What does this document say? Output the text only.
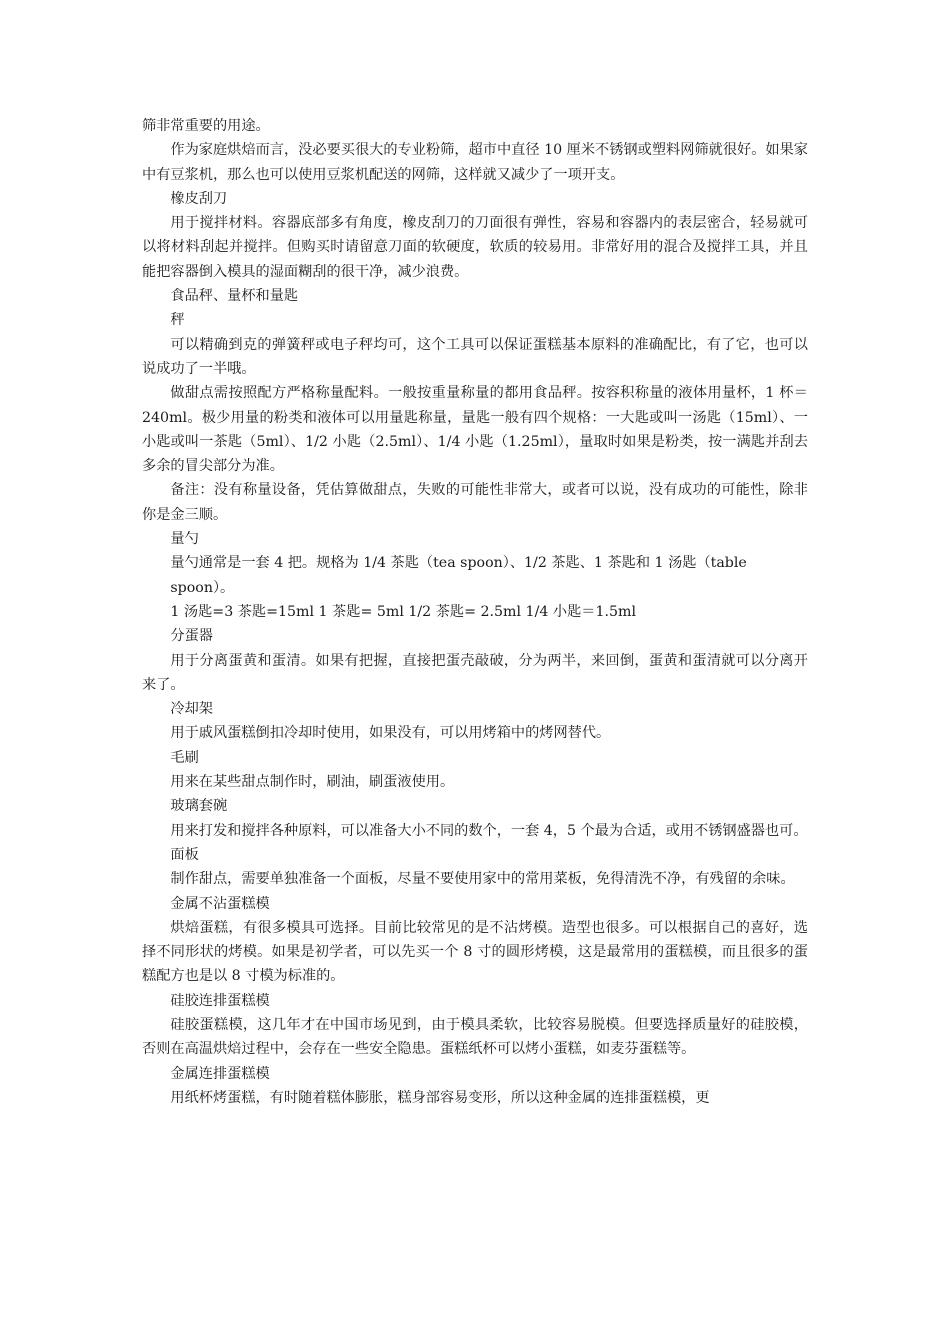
筛非常重要的用途。

作为家庭烘焙而言，没必要买很大的专业粉筛，超市中直径 10 厘米不锈钢或塑料网筛就很好。如果家中有豆浆机，那么也可以使用豆浆机配送的网筛，这样就又减少了一项开支。

橡皮刮刀

用于搅拌材料。容器底部多有角度，橡皮刮刀的刀面很有弹性，容易和容器内的表层密合，轻易就可以将材料刮起并搅拌。但购买时请留意刀面的软硬度，软质的较易用。非常好用的混合及搅拌工具，并且能把容器倒入模具的湿面糊刮的很干净，减少浪费。

食品秤、量杯和量匙

秤

可以精确到克的弹簧秤或电子秤均可，这个工具可以保证蛋糕基本原料的准确配比，有了它，也可以说成功了一半哦。

做甜点需按照配方严格称量配料。一般按重量称量的都用食品秤。按容积称量的液体用量杯，1 杯＝240ml。极少用量的粉类和液体可以用量匙称量，量匙一般有四个规格：一大匙或叫一汤匙（15ml）、一小匙或叫一茶匙（5ml）、1/2 小匙（2.5ml）、1/4 小匙（1.25ml），量取时如果是粉类，按一满匙并刮去多余的冒尖部分为准。

备注：没有称量设备，凭估算做甜点，失败的可能性非常大，或者可以说，没有成功的可能性，除非你是金三顺。

量勺

量勺通常是一套 4 把。规格为 1/4 茶匙（tea spoon）、1/2 茶匙、1 茶匙和 1 汤匙（table spoon）。

1 汤匙=3 茶匙=15ml 1 茶匙= 5ml 1/2 茶匙= 2.5ml 1/4 小匙＝1.5ml

分蛋器

用于分离蛋黄和蛋清。如果有把握，直接把蛋壳敲破，分为两半，来回倒，蛋黄和蛋清就可以分离开来了。

冷却架

用于戚风蛋糕倒扣冷却时使用，如果没有，可以用烤箱中的烤网替代。

毛刷

用来在某些甜点制作时，刷油，刷蛋液使用。

玻璃套碗

用来打发和搅拌各种原料，可以准备大小不同的数个，一套 4，5 个最为合适，或用不锈钢盛器也可。

面板

制作甜点，需要单独准备一个面板，尽量不要使用家中的常用菜板，免得清洗不净，有残留的余味。

金属不沾蛋糕模

烘焙蛋糕，有很多模具可选择。目前比较常见的是不沾烤模。造型也很多。可以根据自己的喜好，选择不同形状的烤模。如果是初学者，可以先买一个 8 寸的圆形烤模，这是最常用的蛋糕模，而且很多的蛋糕配方也是以 8 寸模为标准的。

硅胶连排蛋糕模

硅胶蛋糕模，这几年才在中国市场见到，由于模具柔软，比较容易脱模。但要选择质量好的硅胶模，否则在高温烘焙过程中，会存在一些安全隐患。蛋糕纸杯可以烤小蛋糕，如麦芬蛋糕等。

金属连排蛋糕模

用纸杯烤蛋糕，有时随着糕体膨胀，糕身部容易变形，所以这种金属的连排蛋糕模，更
